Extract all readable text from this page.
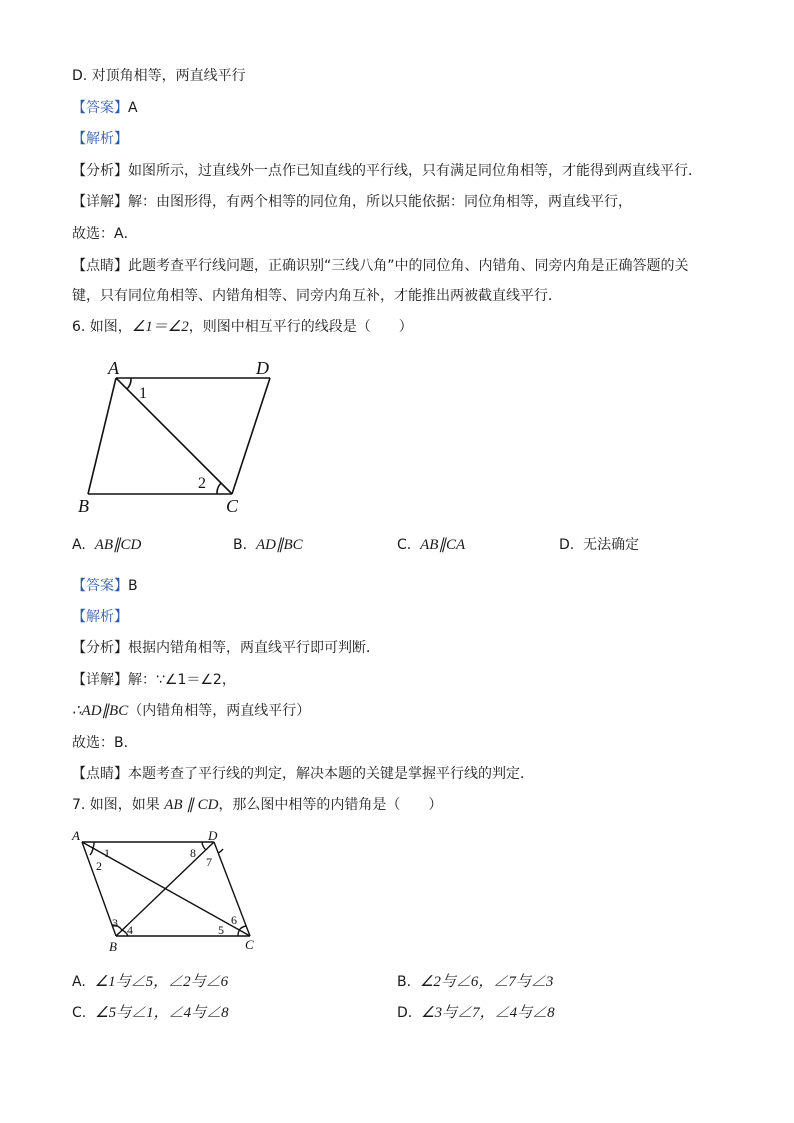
D. 对顶角相等，两直线平行
【答案】A
【解析】
【分析】如图所示，过直线外一点作已知直线的平行线，只有满足同位角相等，才能得到两直线平行．
【详解】解：由图形得，有两个相等的同位角，所以只能依据：同位角相等，两直线平行，
故选：A．
【点睛】此题考查平行线问题，正确识别“三线八角”中的同位角、内错角、同旁内角是正确答题的关
键，只有同位角相等、内错角相等、同旁内角互补，才能推出两被截直线平行．
6. 如图，∠1＝∠2，则图中相互平行的线段是（　　）
A	D
B	C
1
2
A. AB∥CD	B. AD∥BC	C. AB∥CA	D. 无法确定
【答案】B
【解析】
【分析】根据内错角相等，两直线平行即可判断．
【详解】解：∵∠1＝∠2，
∴AD∥BC（内错角相等，两直线平行）
故选：B．
【点睛】本题考查了平行线的判定，解决本题的关键是掌握平行线的判定．
7. 如图，如果 AB ∥ CD，那么图中相等的内错角是（　　）
A	D
B	C
1
2
3 4	5
6
7
8
A. ∠1与∠5，∠2与∠6	B. ∠2与∠6，∠7与∠3
C. ∠5与∠1，∠4与∠8	D. ∠3与∠7，∠4与∠8
